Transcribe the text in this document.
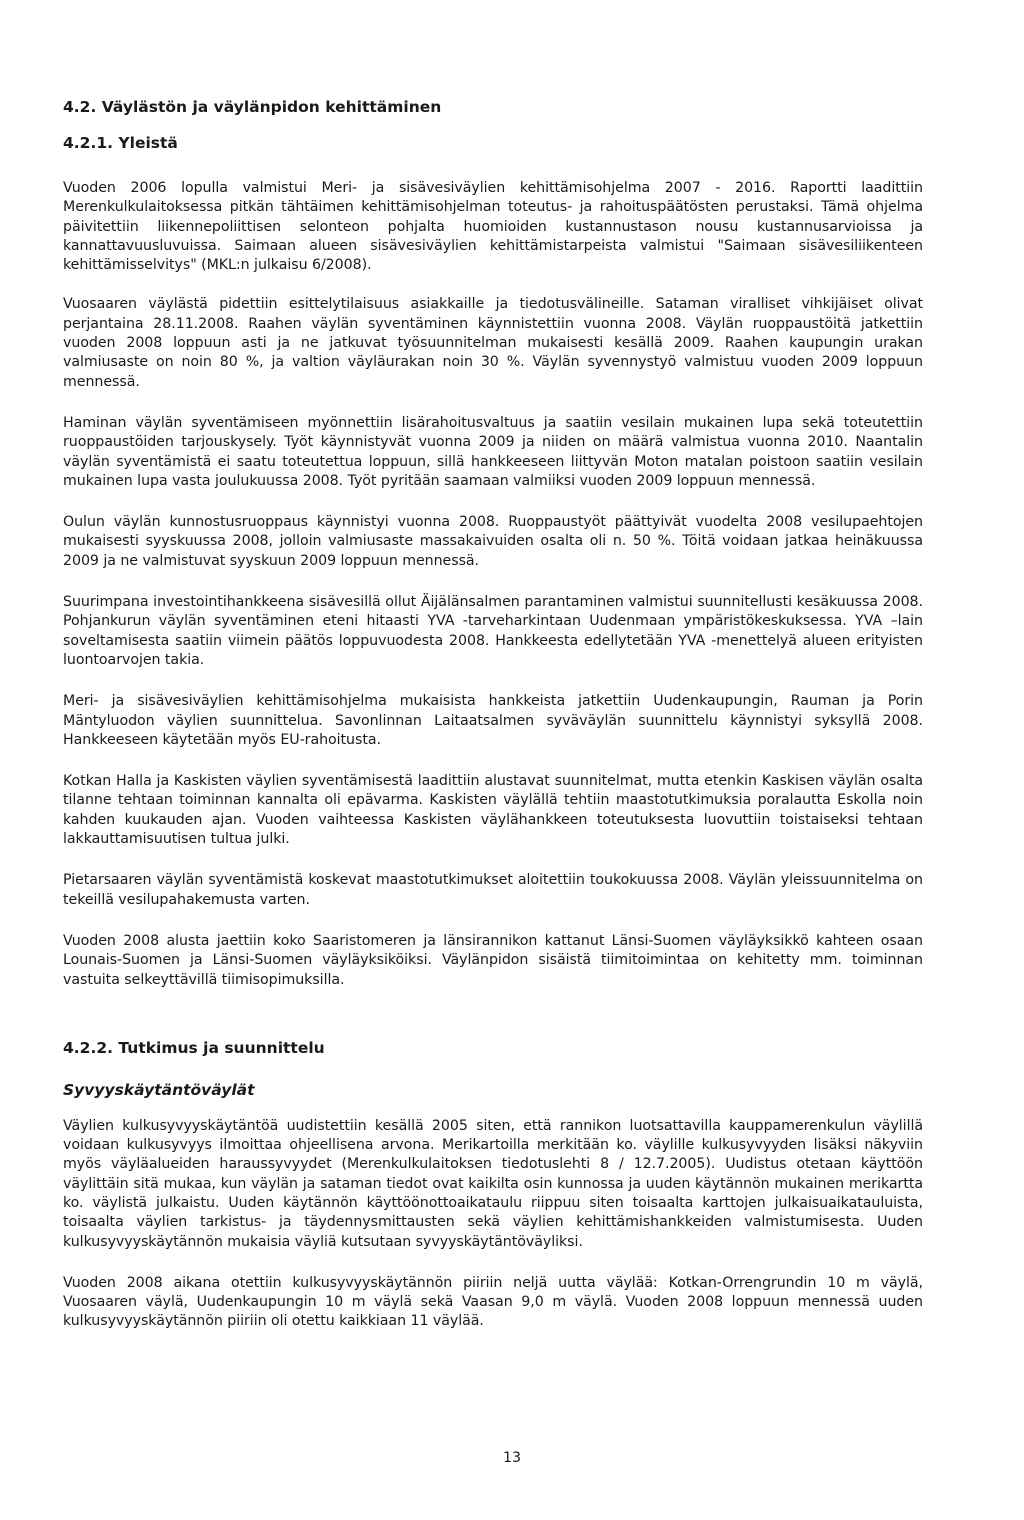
4.2. Väylästön ja väylänpidon kehittäminen
4.2.1. Yleistä

Vuoden 2006 lopulla valmistui Meri- ja sisävesiväylien kehittämisohjelma 2007 - 2016. Raportti laadittiin Merenkulkulaitoksessa pitkän tähtäimen kehittämisohjelman toteutus- ja rahoituspäätösten perustaksi. Tämä ohjelma päivitettiin liikennepoliittisen selonteon pohjalta huomioiden kustannustason nousu kustannusarvioissa ja kannattavuusluvuissa. Saimaan alueen sisävesiväylien kehittämistarpeista valmistui "Saimaan sisävesiliikenteen kehittämisselvitys" (MKL:n julkaisu 6/2008).

Vuosaaren väylästä pidettiin esittelytilaisuus asiakkaille ja tiedotusvälineille. Sataman viralliset vihkijäiset olivat perjantaina 28.11.2008. Raahen väylän syventäminen käynnistettiin vuonna 2008. Väylän ruoppaustöitä jatkettiin vuoden 2008 loppuun asti ja ne jatkuvat työsuunnitelman mukaisesti kesällä 2009. Raahen kaupungin urakan valmiusaste on noin 80 %, ja valtion väyläurakan noin 30 %. Väylän syvennystyö valmistuu vuoden 2009 loppuun mennessä.

Haminan väylän syventämiseen myönnettiin lisärahoitusvaltuus ja saatiin vesilain mukainen lupa sekä toteutettiin ruoppaustöiden tarjouskysely. Työt käynnistyvät vuonna 2009 ja niiden on määrä valmistua vuonna 2010. Naantalin väylän syventämistä ei saatu toteutettua loppuun, sillä hankkeeseen liittyvän Moton matalan poistoon saatiin vesilain mukainen lupa vasta joulukuussa 2008. Työt pyritään saamaan valmiiksi vuoden 2009 loppuun mennessä.

Oulun väylän kunnostusruoppaus käynnistyi vuonna 2008. Ruoppaustyöt päättyivät vuodelta 2008 vesilupaehtojen mukaisesti syyskuussa 2008, jolloin valmiusaste massakaivuiden osalta oli n. 50 %. Töitä voidaan jatkaa heinäkuussa 2009 ja ne valmistuvat syyskuun 2009 loppuun mennessä.

Suurimpana investointihankkeena sisävesillä ollut Äijälänsalmen parantaminen valmistui suunnitellusti kesäkuussa 2008. Pohjankurun väylän syventäminen eteni hitaasti YVA -tarveharkintaan Uudenmaan ympäristökeskuksessa. YVA –lain soveltamisesta saatiin viimein päätös loppuvuodesta 2008. Hankkeesta edellytetään YVA -menettelyä alueen erityisten luontoarvojen takia.

Meri- ja sisävesiväylien kehittämisohjelma mukaisista hankkeista jatkettiin Uudenkaupungin, Rauman ja Porin Mäntyluodon väylien suunnittelua. Savonlinnan Laitaatsalmen syväväylän suunnittelu käynnistyi syksyllä 2008. Hankkeeseen käytetään myös EU-rahoitusta.

Kotkan Halla ja Kaskisten väylien syventämisestä laadittiin alustavat suunnitelmat, mutta etenkin Kaskisen väylän osalta tilanne tehtaan toiminnan kannalta oli epävarma. Kaskisten väylällä tehtiin maastotutkimuksia poralautta Eskolla noin kahden kuukauden ajan. Vuoden vaihteessa Kaskisten väylähankkeen toteutuksesta luovuttiin toistaiseksi tehtaan lakkauttamisuutisen tultua julki.

Pietarsaaren väylän syventämistä koskevat maastotutkimukset aloitettiin toukokuussa 2008. Väylän yleissuunnitelma on tekeillä vesilupahakemusta varten.

Vuoden 2008 alusta jaettiin koko Saaristomeren ja länsirannikon kattanut Länsi-Suomen väyläyksikkö kahteen osaan Lounais-Suomen ja Länsi-Suomen väyläyksiköiksi. Väylänpidon sisäistä tiimitoimintaa on kehitetty mm. toiminnan vastuita selkeyttävillä tiimisopimuksilla.

4.2.2. Tutkimus ja suunnittelu
Syvyyskäytäntöväylät

Väylien kulkusyvyyskäytäntöä uudistettiin kesällä 2005 siten, että rannikon luotsattavilla kauppamerenkulun väylillä voidaan kulkusyvyys ilmoittaa ohjeellisena arvona. Merikartoilla merkitään ko. väylille kulkusyvyyden lisäksi näkyviin myös väyläalueiden haraussyvyydet (Merenkulkulaitoksen tiedotuslehti 8 / 12.7.2005). Uudistus otetaan käyttöön väylittäin sitä mukaa, kun väylän ja sataman tiedot ovat kaikilta osin kunnossa ja uuden käytännön mukainen merikartta ko. väylistä julkaistu. Uuden käytännön käyttöönottoaikataulu riippuu siten toisaalta karttojen julkaisuaikatauluista, toisaalta väylien tarkistus- ja täydennysmittausten sekä väylien kehittämishankkeiden valmistumisesta. Uuden kulkusyvyyskäytännön mukaisia väyliä kutsutaan syvyyskäytäntöväyliksi.

Vuoden 2008 aikana otettiin kulkusyvyyskäytännön piiriin neljä uutta väylää: Kotkan-Orrengrundin 10 m väylä, Vuosaaren väylä, Uudenkaupungin 10 m väylä sekä Vaasan 9,0 m väylä. Vuoden 2008 loppuun mennessä uuden kulkusyvyyskäytännön piiriin oli otettu kaikkiaan 11 väylää.

13
